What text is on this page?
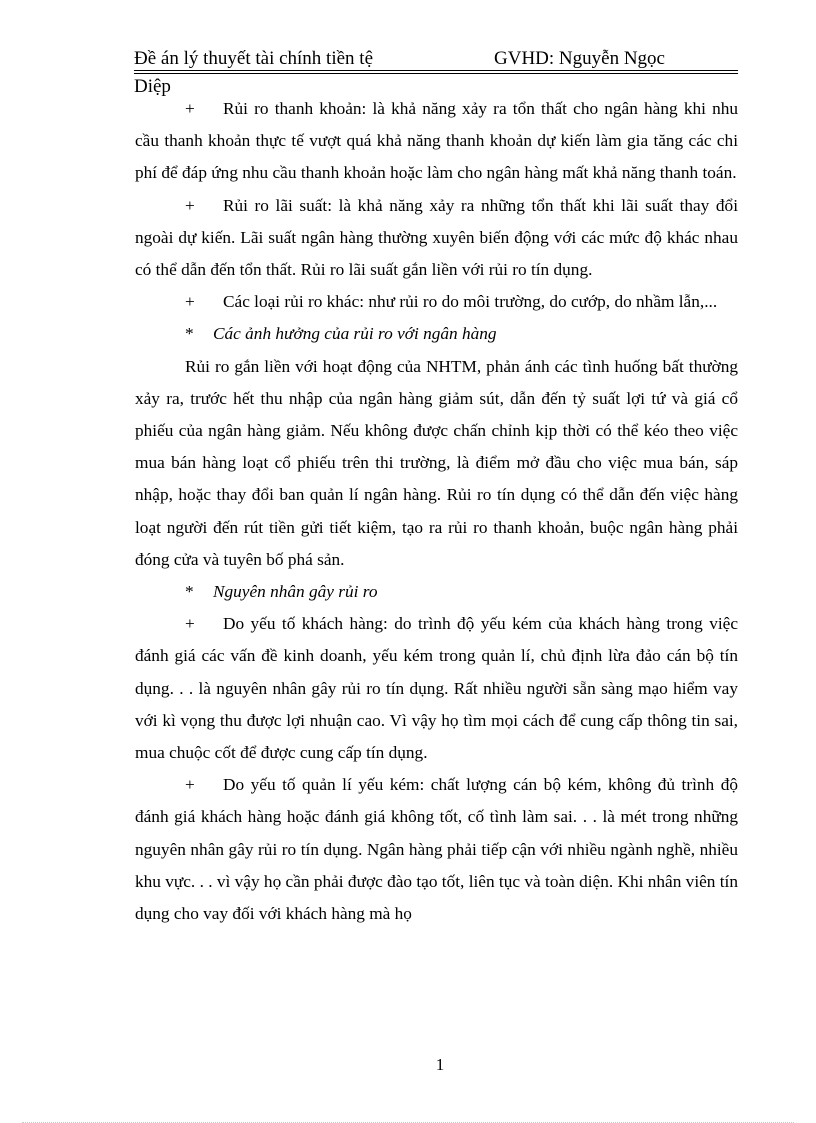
Đề án lý thuyết tài chính tiền tệ	GVHD: Nguyễn Ngọc
Diệp

+ Rủi ro thanh khoản: là khả năng xảy ra tổn thất cho ngân hàng khi nhu cầu thanh khoản thực tế vượt quá khả năng thanh khoản dự kiến làm gia tăng các chi phí để đáp ứng nhu cầu thanh khoản hoặc làm cho ngân hàng mất khả năng thanh toán.

+ Rủi ro lãi suất: là khả năng xảy ra những tổn thất khi lãi suất thay đổi ngoài dự kiến. Lãi suất ngân hàng thường xuyên biến động với các mức độ khác nhau có thể dẫn đến tổn thất. Rủi ro lãi suất gắn liền với rủi ro tín dụng.

+ Các loại rủi ro khác: như rủi ro do môi trường, do cướp, do nhầm lẫn,...

* Các ảnh hưởng của rủi ro với ngân hàng

Rủi ro gắn liền với hoạt động của NHTM, phản ánh các tình huống bất thường xảy ra, trước hết thu nhập của ngân hàng giảm sút, dẫn đến tỷ suất lợi tứ và giá cổ phiếu của ngân hàng giảm. Nếu không được chấn chỉnh kịp thời có thể kéo theo việc mua bán hàng loạt cổ phiếu trên thi trường, là điểm mở đầu cho việc mua bán, sáp nhập, hoặc thay đổi ban quản lí ngân hàng. Rủi ro tín dụng có thể dẫn đến việc hàng loạt người đến rút tiền gửi tiết kiệm, tạo ra rủi ro thanh khoản, buộc ngân hàng phải đóng cửa và tuyên bố phá sản.

* Nguyên nhân gây rủi ro

+ Do yếu tố khách hàng: do trình độ yếu kém của khách hàng trong việc đánh giá các vấn đề kinh doanh, yếu kém trong quản lí, chủ định lừa đảo cán bộ tín dụng. . . là nguyên nhân gây rủi ro tín dụng. Rất nhiều người sẵn sàng mạo hiểm vay với kì vọng thu được lợi nhuận cao. Vì vậy họ tìm mọi cách để cung cấp thông tin sai, mua chuộc cốt để được cung cấp tín dụng.

+ Do yếu tố quản lí yếu kém: chất lượng cán bộ kém, không đủ trình độ đánh giá khách hàng hoặc đánh giá không tốt, cố tình làm sai. . . là mét trong những nguyên nhân gây rủi ro tín dụng. Ngân hàng phải tiếp cận với nhiều ngành nghề, nhiều khu vực. . . vì vậy họ cần phải được đào tạo tốt, liên tục và toàn diện. Khi nhân viên tín dụng cho vay đối với khách hàng mà họ

1
